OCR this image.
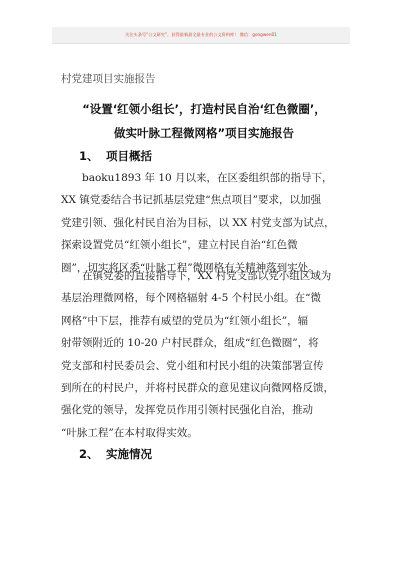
关注头条号“公文研究”，获得最新最全最专业的公文资料库！ 微信：gongwen01
村党建项目实施报告
“设置‘红领小组长’，打造村民自治‘红色微圈’，
做实叶脉工程微网格”项目实施报告
1、 项目概括
baoku1893 年 10 月以来，在区委组织部的指导下，
XX 镇党委结合书记抓基层党建“焦点项目”要求，以加强
党建引领、强化村民自治为目标，以 XX 村党支部为试点，
探索设置党员“红领小组长”，建立村民自治“红色微
圈”，切实将区委“叶脉工程”微网格有关精神落到实处。
在镇党委的直接指导下，XX 村党支部以党小组区域为
基层治理微网格，每个网格辐射 4-5 个村民小组。在“微
网格”中下层，推荐有威望的党员为“红领小组长”，辐
射带领附近的 10-20 户村民群众，组成“红色微圈”，将
党支部和村民委员会、党小组和村民小组的决策部署宣传
到所在的村民户，并将村民群众的意见建议向微网格反馈，
强化党的领导，发挥党员作用引领村民强化自治，推动
“叶脉工程”在本村取得实效。
2、 实施情况
